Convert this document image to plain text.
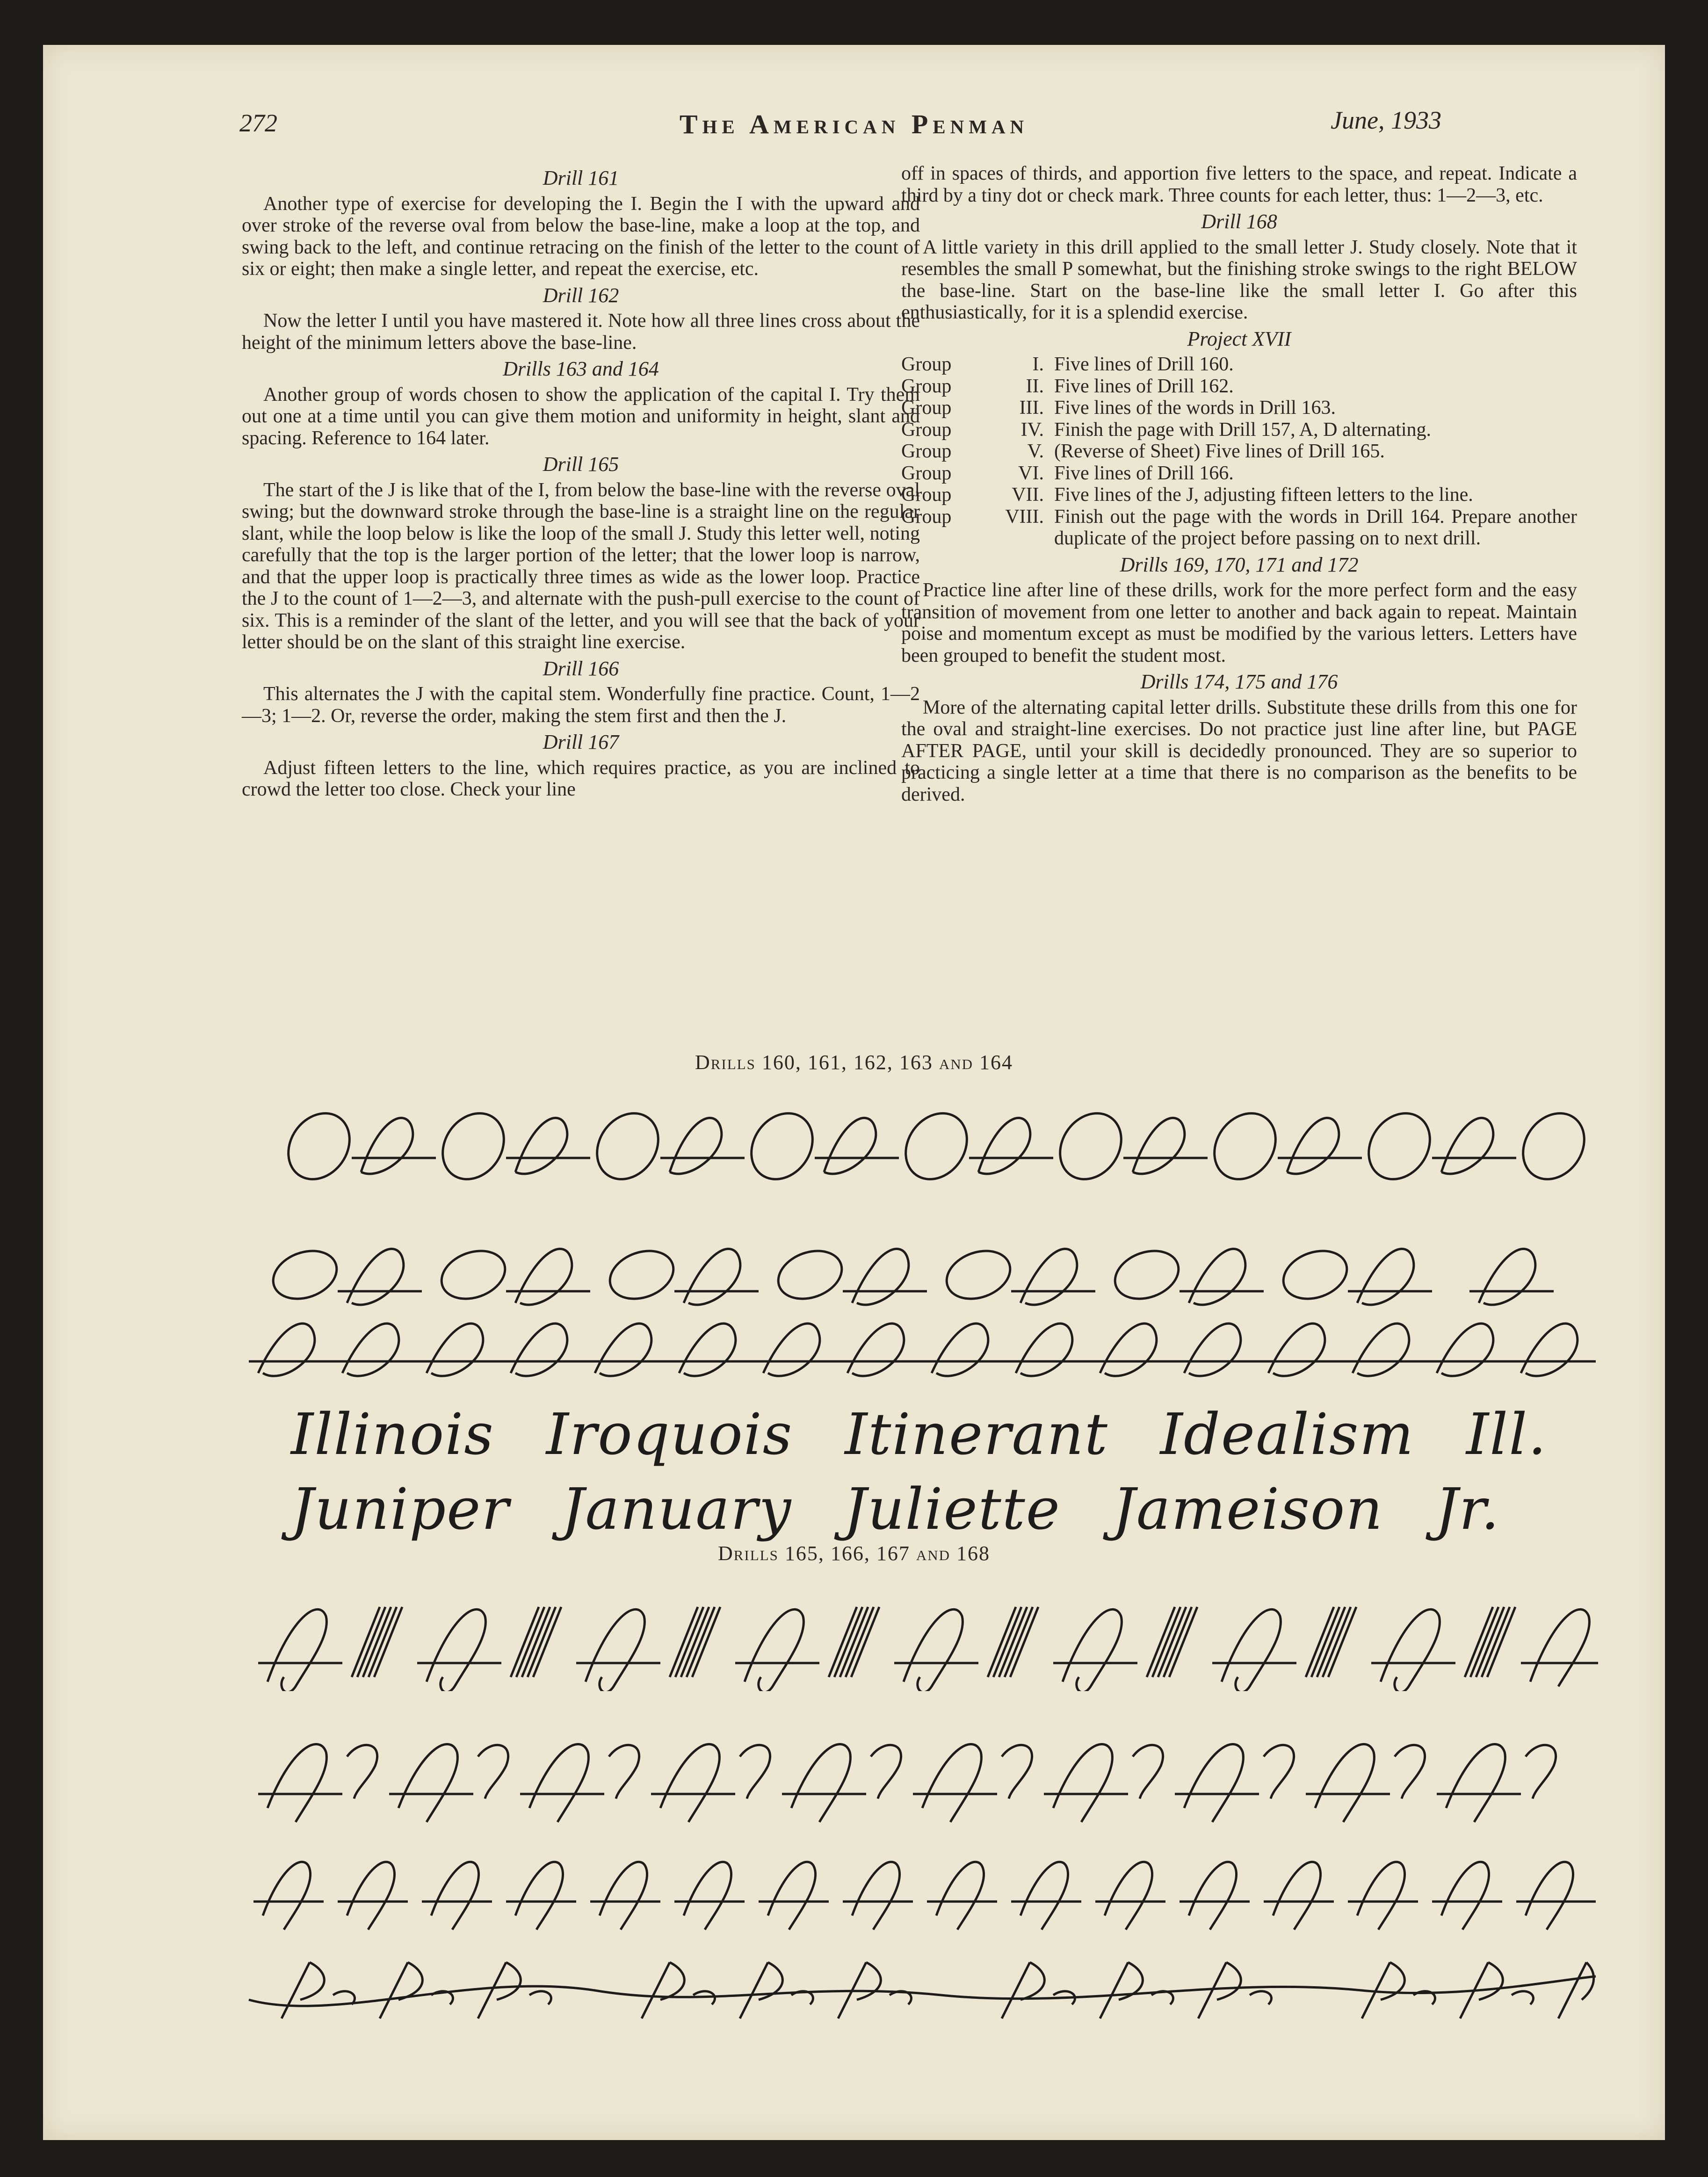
272	The American Penman	June, 1933
Drill 161

Another type of exercise for developing the I. Begin the I with the upward and over stroke of the reverse oval from below the base-line, make a loop at the top, and swing back to the left, and continue retracing on the finish of the letter to the count of six or eight; then make a single letter, and repeat the exercise, etc.

Drill 162

Now the letter I until you have mastered it. Note how all three lines cross about the height of the minimum letters above the base-line.

Drills 163 and 164

Another group of words chosen to show the application of the capital I. Try them out one at a time until you can give them motion and uniformity in height, slant and spacing. Reference to 164 later.

Drill 165

The start of the J is like that of the I, from below the base-line with the reverse oval swing; but the downward stroke through the base-line is a straight line on the regular slant, while the loop below is like the loop of the small J. Study this letter well, noting carefully that the top is the larger portion of the letter; that the lower loop is narrow, and that the upper loop is practically three times as wide as the lower loop. Practice the J to the count of 1—2—3, and alternate with the push-pull exercise to the count of six. This is a reminder of the slant of the letter, and you will see that the back of your letter should be on the slant of this straight line exercise.

Drill 166

This alternates the J with the capital stem. Wonderfully fine practice. Count, 1—2—3; 1—2. Or, reverse the order, making the stem first and then the J.

Drill 167

Adjust fifteen letters to the line, which requires practice, as you are inclined to crowd the letter too close. Check your line

off in spaces of thirds, and apportion five letters to the space, and repeat. Indicate a third by a tiny dot or check mark. Three counts for each letter, thus: 1—2—3, etc.

Drill 168

A little variety in this drill applied to the small letter J. Study closely. Note that it resembles the small P somewhat, but the finishing stroke swings to the right BELOW the base-line. Start on the base-line like the small letter I. Go after this enthusiastically, for it is a splendid exercise.

Project XVII
Group	I.	Five lines of Drill 160.
Group	II.	Five lines of Drill 162.
Group	III.	Five lines of the words in Drill 163.
Group	IV.	Finish the page with Drill 157, A, D alternating.
Group	V.	(Reverse of Sheet) Five lines of Drill 165.
Group	VI.	Five lines of Drill 166.
Group	VII.	Five lines of the J, adjusting fifteen letters to the line.
Group	VIII.	Finish out the page with the words in Drill 164. Prepare another duplicate of the project before passing on to next drill.
Drills 169, 170, 171 and 172

Practice line after line of these drills, work for the more perfect form and the easy transition of movement from one letter to another and back again to repeat. Maintain poise and momentum except as must be modified by the various letters. Letters have been grouped to benefit the student most.

Drills 174, 175 and 176

More of the alternating capital letter drills. Substitute these drills from this one for the oval and straight-line exercises. Do not practice just line after line, but PAGE AFTER PAGE, until your skill is decidedly pronounced. They are so superior to practicing a single letter at a time that there is no comparison as the benefits to be derived.

Drills 160, 161, 162, 163 and 164
Illinois Iroquois Itinerant Idealism Ill.
Juniper January Juliette Jameison Jr.
Drills 165, 166, 167 and 168
